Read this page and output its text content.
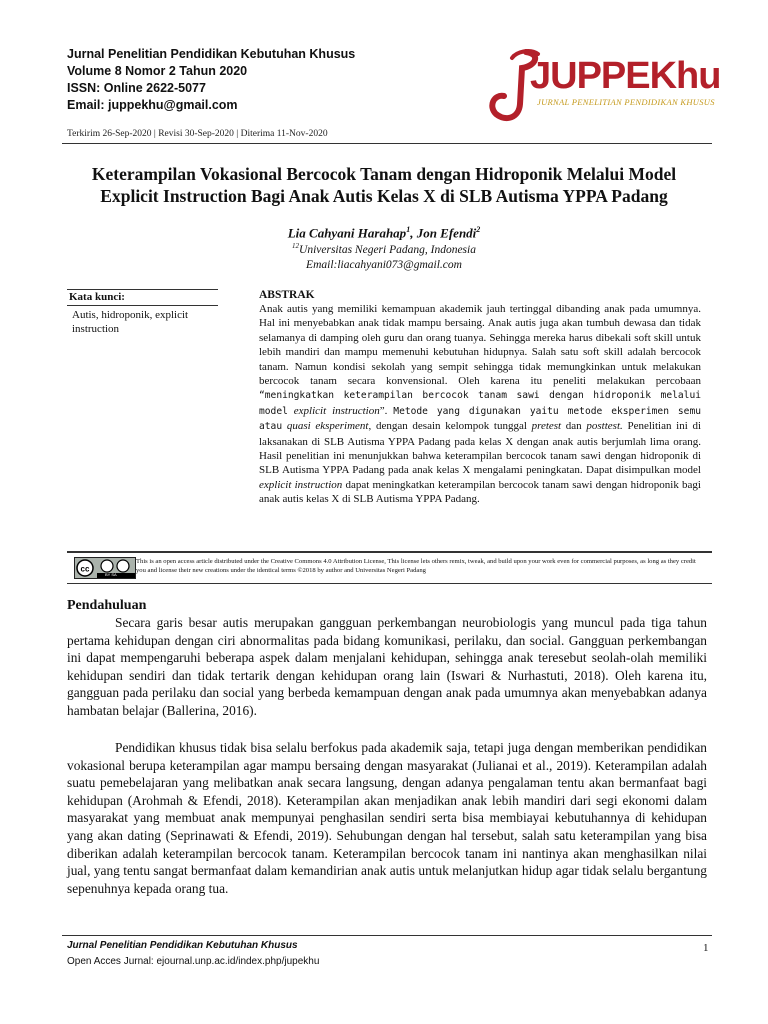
Jurnal Penelitian Pendidikan Kebutuhan Khusus
Volume 8 Nomor 2 Tahun 2020
ISSN: Online 2622-5077
Email: juppekhu@gmail.com
JUPPEKhu
JURNAL PENELITIAN PENDIDIKAN KHUSUS
Terkirim 26-Sep-2020 | Revisi 30-Sep-2020 | Diterima 11-Nov-2020
Keterampilan Vokasional Bercocok Tanam dengan Hidroponik Melalui Model
Explicit Instruction Bagi Anak Autis Kelas X di SLB Autisma YPPA Padang
Lia Cahyani Harahap$^1$, Jon Efendi$^2$
$^{12}$Universitas Negeri Padang, Indonesia
Email:liacahyani073@gmail.com
Kata kunci:
Autis, hidroponik, explicit instruction
ABSTRAK

Anak autis yang memiliki kemampuan akademik jauh tertinggal dibanding anak pada umumnya. Hal ini menyebabkan anak tidak mampu bersaing. Anak autis juga akan tumbuh dewasa dan tidak selamanya di damping oleh guru dan orang tuanya. Sehingga mereka harus dibekali soft skill untuk lebih mandiri dan mampu memenuhi kebutuhan hidupnya. Salah satu soft skill adalah bercocok tanam. Namun kondisi sekolah yang sempit sehingga tidak memungkinkan untuk melakukan bercocok tanam secara konvensional. Oleh karena itu peneliti melakukan percobaan “meningkatkan keterampilan bercocok tanam sawi dengan hidroponik melalui model explicit instruction”. Metode yang digunakan yaitu metode eksperimen semu atau quasi eksperiment, dengan desain kelompok tunggal pretest dan posttest. Penelitian ini di laksanakan di SLB Autisma YPPA Padang pada kelas X dengan anak autis berjumlah lima orang. Hasil penelitian ini menunjukkan bahwa keterampilan bercocok tanam sawi dengan hidroponik di SLB Autisma YPPA Padang pada anak kelas X mengalami peningkatan. Dapat disimpulkan model explicit instruction dapat meningkatkan keterampilan bercocok tanam sawi dengan hidroponik bagi anak autis kelas X di SLB Autisma YPPA Padang.

cc
BY SA
This is an open access article distributed under the Creative Commons 4.0 Attribution License, This license lets others remix, tweak, and build upon your work even for commercial purposes, as long as they credit you and license their new creations under the identical terms ©2018 by author and Universitas Negeri Padang
Pendahuluan

Secara garis besar autis merupakan gangguan perkembangan neurobiologis yang muncul pada tiga tahun pertama kehidupan dengan ciri abnormalitas pada bidang komunikasi, perilaku, dan social. Gangguan perkembangan ini dapat mempengaruhi beberapa aspek dalam menjalani kehidupan, sehingga anak teresebut seolah-olah memiliki kehidupan sendiri dan tidak tertarik dengan kehidupan orang lain (Iswari & Nurhastuti, 2018). Oleh karena itu, gangguan pada perilaku dan social yang berbeda kemampuan dengan anak pada umumnya akan menyebabkan adanya hambatan belajar (Ballerina, 2016).

Pendidikan khusus tidak bisa selalu berfokus pada akademik saja, tetapi juga dengan memberikan pendidikan vokasional berupa keterampilan agar mampu bersaing dengan masyarakat (Julianai et al., 2019). Keterampilan adalah suatu pemebelajaran yang melibatkan anak secara langsung, dengan adanya pengalaman tentu akan bermanfaat bagi kehidupan (Arohmah & Efendi, 2018). Keterampilan akan menjadikan anak lebih mandiri dari segi ekonomi dalam masyarakat yang membuat anak mempunyai penghasilan sendiri serta bisa membiayai kebutuhannya di kehidupan yang akan dating (Seprinawati & Efendi, 2019). Sehubungan dengan hal tersebut, salah satu keterampilan yang bisa diberikan adalah keterampilan bercocok tanam. Keterampilan bercocok tanam ini nantinya akan menghasilkan nilai jual, yang tentu sangat bermanfaat dalam kemandirian anak autis untuk melanjutkan hidup agar tidak selalu bergantung sepenuhnya kepada orang tua.

Jurnal Penelitian Pendidikan Kebutuhan Khusus
Open Acces Jurnal: ejournal.unp.ac.id/index.php/jupekhu
1
